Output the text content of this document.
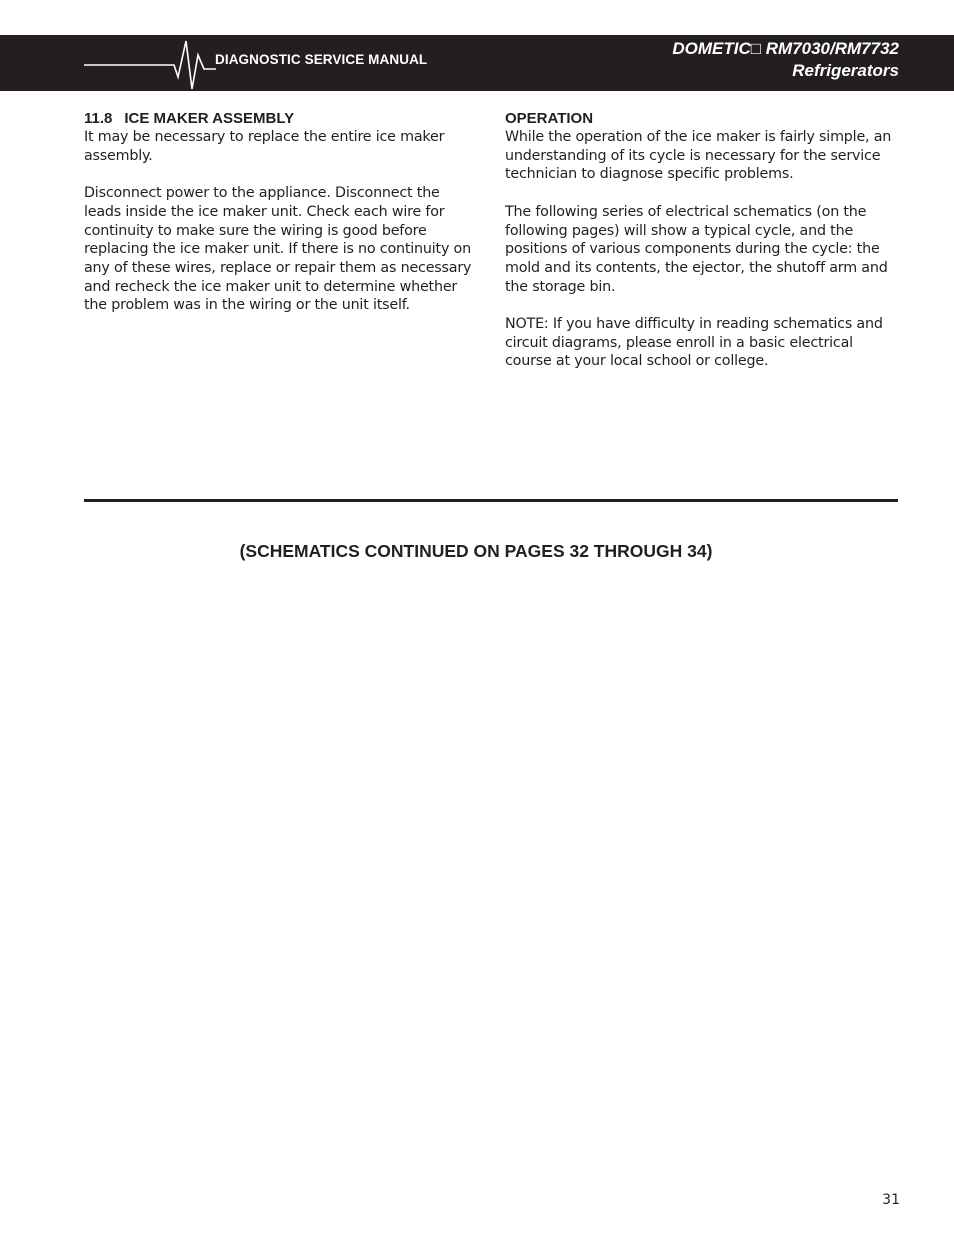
DIAGNOSTIC SERVICE MANUAL
DOMETIC□ RM7030/RM7732
Refrigerators
11.8 ICE MAKER ASSEMBLY

It may be necessary to replace the entire ice maker assembly.

Disconnect power to the appliance. Disconnect the leads inside the ice maker unit. Check each wire for continuity to make sure the wiring is good before replacing the ice maker unit. If there is no continuity on any of these wires, replace or repair them as necessary and recheck the ice maker unit to determine whether the problem was in the wiring or the unit itself.

OPERATION

While the operation of the ice maker is fairly simple, an understanding of its cycle is necessary for the service technician to diagnose specific problems.

The following series of electrical schematics (on the following pages) will show a typical cycle, and the positions of various components during the cycle: the mold and its contents, the ejector, the shutoff arm and the storage bin.

NOTE: If you have difficulty in reading schematics and circuit diagrams, please enroll in a basic electrical course at your local school or college.

(SCHEMATICS CONTINUED ON PAGES 32 THROUGH 34)
31
